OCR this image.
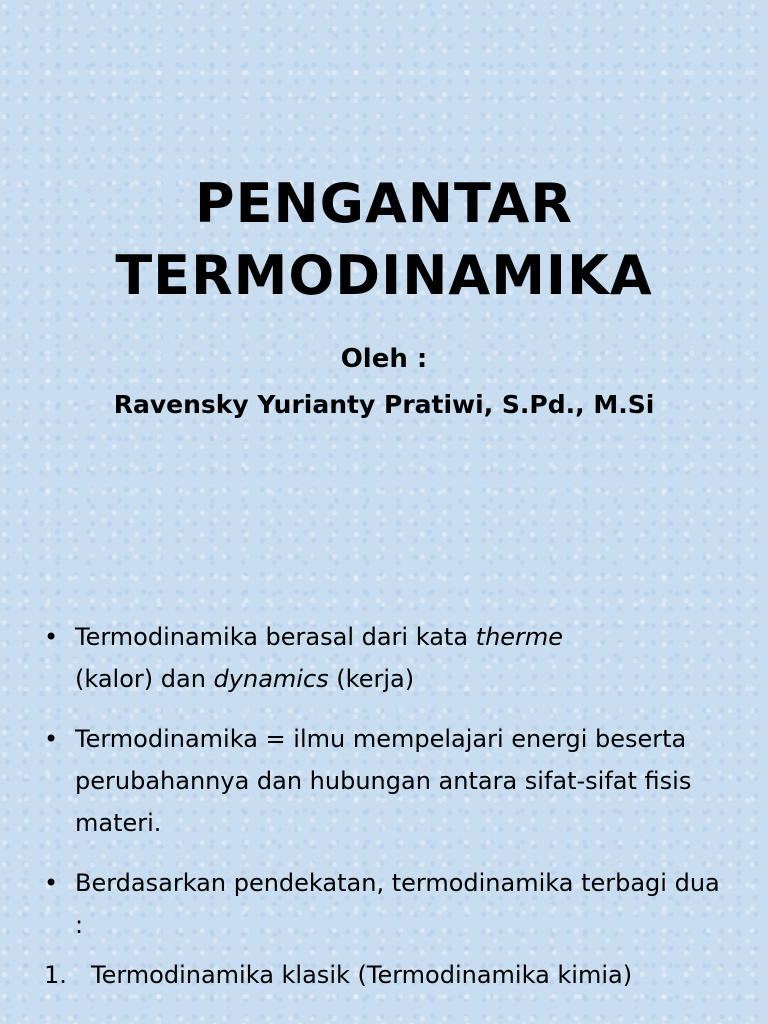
PENGANTAR
TERMODINAMIKA
Oleh :
Ravensky Yurianty Pratiwi, S.Pd., M.Si
• Termodinamika berasal dari kata therme
(kalor) dan dynamics (kerja)
• Termodinamika = ilmu mempelajari energi beserta perubahannya dan hubungan antara sifat-sifat fisis materi.
• Berdasarkan pendekatan, termodinamika terbagi dua :
1. Termodinamika klasik (Termodinamika kimia)
